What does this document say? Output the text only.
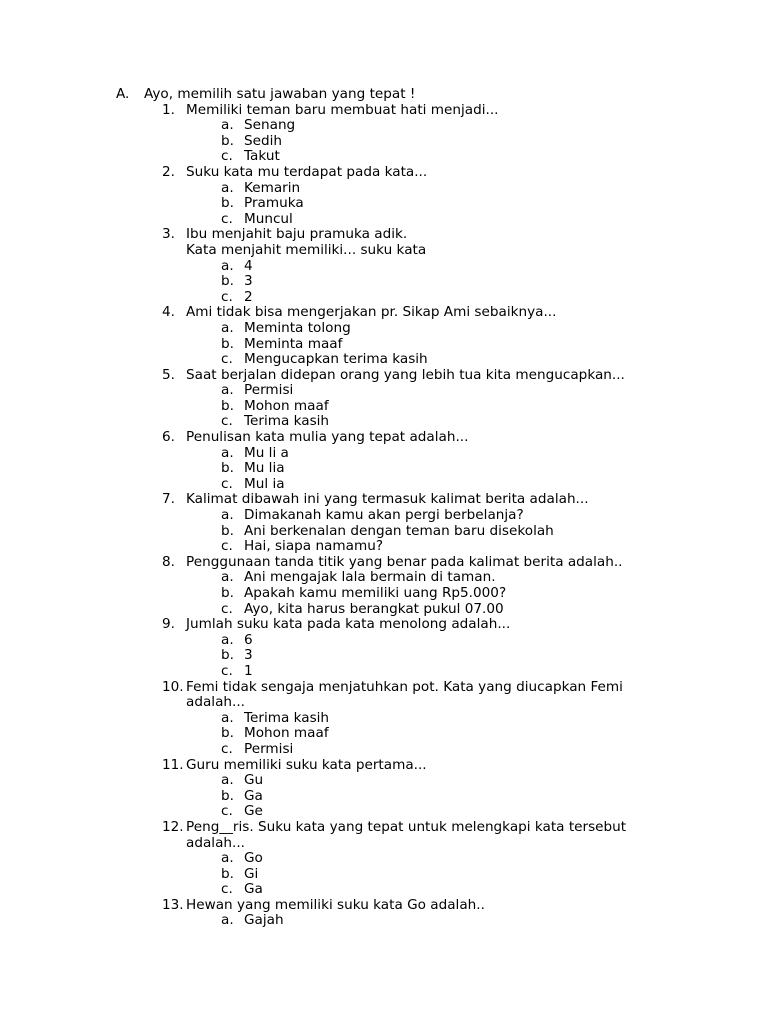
A. Ayo, memilih satu jawaban yang tepat !
1. Memiliki teman baru membuat hati menjadi...
a. Senang
b. Sedih
c. Takut
2. Suku kata mu terdapat pada kata...
a. Kemarin
b. Pramuka
c. Muncul
3. Ibu menjahit baju pramuka adik.
Kata menjahit memiliki... suku kata
a. 4
b. 3
c. 2
4. Ami tidak bisa mengerjakan pr. Sikap Ami sebaiknya...
a. Meminta tolong
b. Meminta maaf
c. Mengucapkan terima kasih
5. Saat berjalan didepan orang yang lebih tua kita mengucapkan...
a. Permisi
b. Mohon maaf
c. Terima kasih
6. Penulisan kata mulia yang tepat adalah...
a. Mu li a
b. Mu lia
c. Mul ia
7. Kalimat dibawah ini yang termasuk kalimat berita adalah...
a. Dimakanah kamu akan pergi berbelanja?
b. Ani berkenalan dengan teman baru disekolah
c. Hai, siapa namamu?
8. Penggunaan tanda titik yang benar pada kalimat berita adalah..
a. Ani mengajak lala bermain di taman.
b. Apakah kamu memiliki uang Rp5.000?
c. Ayo, kita harus berangkat pukul 07.00
9. Jumlah suku kata pada kata menolong adalah...
a. 6
b. 3
c. 1
10. Femi tidak sengaja menjatuhkan pot. Kata yang diucapkan Femi
adalah...
a. Terima kasih
b. Mohon maaf
c. Permisi
11. Guru memiliki suku kata pertama...
a. Gu
b. Ga
c. Ge
12. Peng__ris. Suku kata yang tepat untuk melengkapi kata tersebut
adalah...
a. Go
b. Gi
c. Ga
13. Hewan yang memiliki suku kata Go adalah..
a. Gajah
